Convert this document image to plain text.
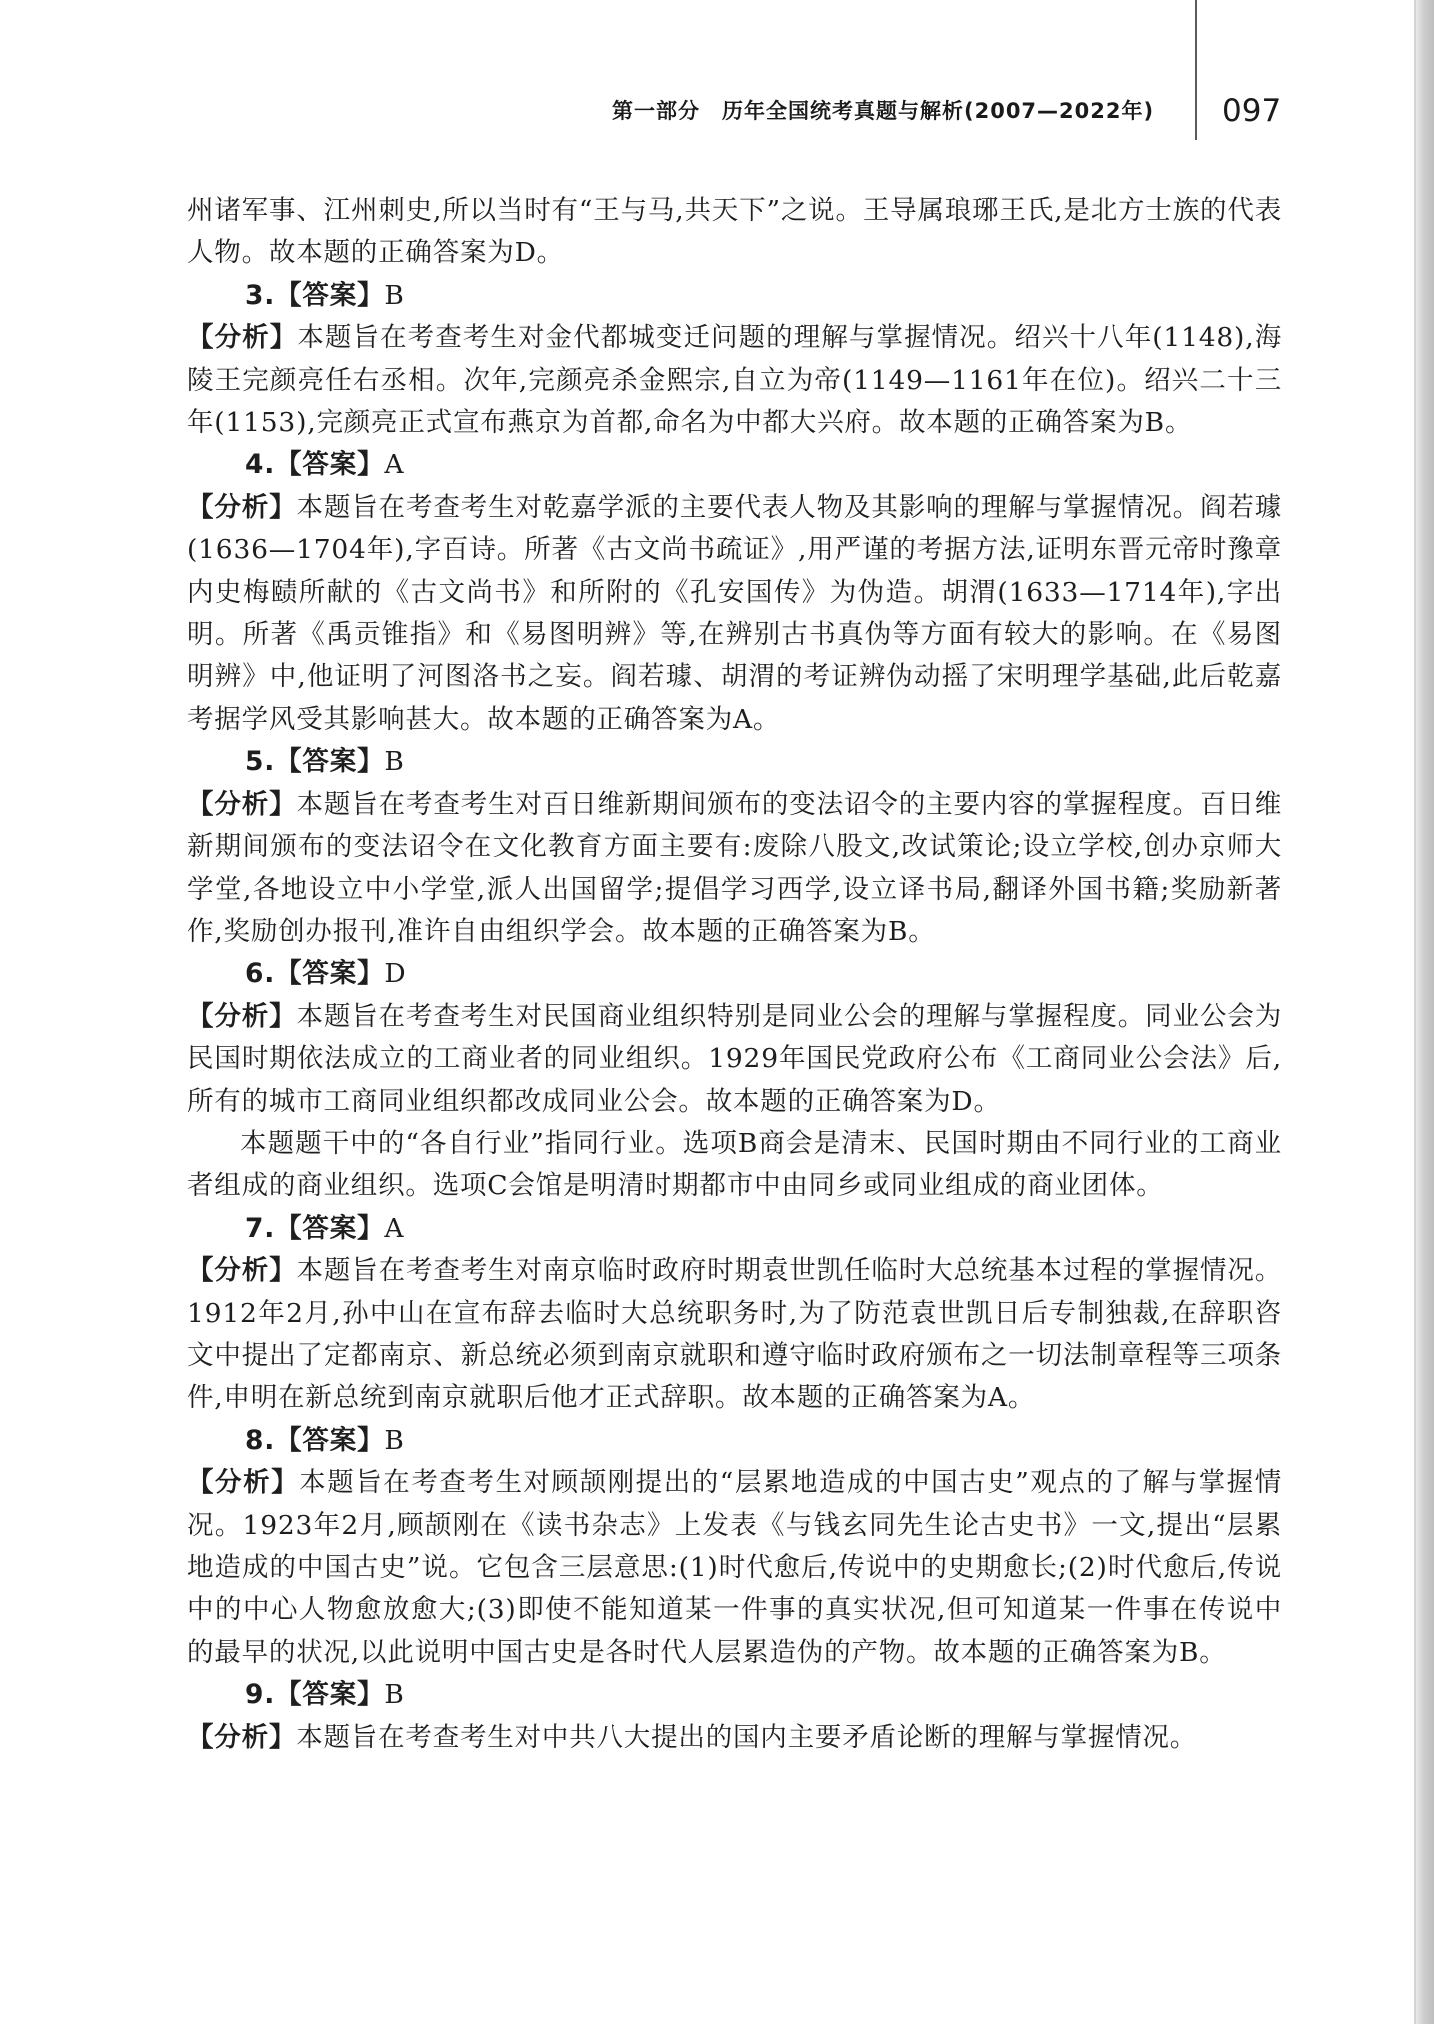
第一部分　历年全国统考真题与解析(2007—2022年) 097

州诸军事、江州刺史,所以当时有“王与马,共天下”之说。王导属琅琊王氏,是北方士族的代表人物。故本题的正确答案为D。

3.【答案】B

【分析】本题旨在考查考生对金代都城变迁问题的理解与掌握情况。绍兴十八年(1148),海陵王完颜亮任右丞相。次年,完颜亮杀金熙宗,自立为帝(1149—1161年在位)。绍兴二十三年(1153),完颜亮正式宣布燕京为首都,命名为中都大兴府。故本题的正确答案为B。

4.【答案】A

【分析】本题旨在考查考生对乾嘉学派的主要代表人物及其影响的理解与掌握情况。阎若璩(1636—1704年),字百诗。所著《古文尚书疏证》,用严谨的考据方法,证明东晋元帝时豫章内史梅赜所献的《古文尚书》和所附的《孔安国传》为伪造。胡渭(1633—1714年),字出明。所著《禹贡锥指》和《易图明辨》等,在辨别古书真伪等方面有较大的影响。在《易图明辨》中,他证明了河图洛书之妄。阎若璩、胡渭的考证辨伪动摇了宋明理学基础,此后乾嘉考据学风受其影响甚大。故本题的正确答案为A。

5.【答案】B

【分析】本题旨在考查考生对百日维新期间颁布的变法诏令的主要内容的掌握程度。百日维新期间颁布的变法诏令在文化教育方面主要有:废除八股文,改试策论;设立学校,创办京师大学堂,各地设立中小学堂,派人出国留学;提倡学习西学,设立译书局,翻译外国书籍;奖励新著作,奖励创办报刊,准许自由组织学会。故本题的正确答案为B。

6.【答案】D

【分析】本题旨在考查考生对民国商业组织特别是同业公会的理解与掌握程度。同业公会为民国时期依法成立的工商业者的同业组织。1929年国民党政府公布《工商同业公会法》后,所有的城市工商同业组织都改成同业公会。故本题的正确答案为D。

本题题干中的“各自行业”指同行业。选项B商会是清末、民国时期由不同行业的工商业者组成的商业组织。选项C会馆是明清时期都市中由同乡或同业组成的商业团体。

7.【答案】A

【分析】本题旨在考查考生对南京临时政府时期袁世凯任临时大总统基本过程的掌握情况。1912年2月,孙中山在宣布辞去临时大总统职务时,为了防范袁世凯日后专制独裁,在辞职咨文中提出了定都南京、新总统必须到南京就职和遵守临时政府颁布之一切法制章程等三项条件,申明在新总统到南京就职后他才正式辞职。故本题的正确答案为A。

8.【答案】B

【分析】本题旨在考查考生对顾颉刚提出的“层累地造成的中国古史”观点的了解与掌握情况。1923年2月,顾颉刚在《读书杂志》上发表《与钱玄同先生论古史书》一文,提出“层累地造成的中国古史”说。它包含三层意思:(1)时代愈后,传说中的史期愈长;(2)时代愈后,传说中的中心人物愈放愈大;(3)即使不能知道某一件事的真实状况,但可知道某一件事在传说中的最早的状况,以此说明中国古史是各时代人层累造伪的产物。故本题的正确答案为B。

9.【答案】B

【分析】本题旨在考查考生对中共八大提出的国内主要矛盾论断的理解与掌握情况。
